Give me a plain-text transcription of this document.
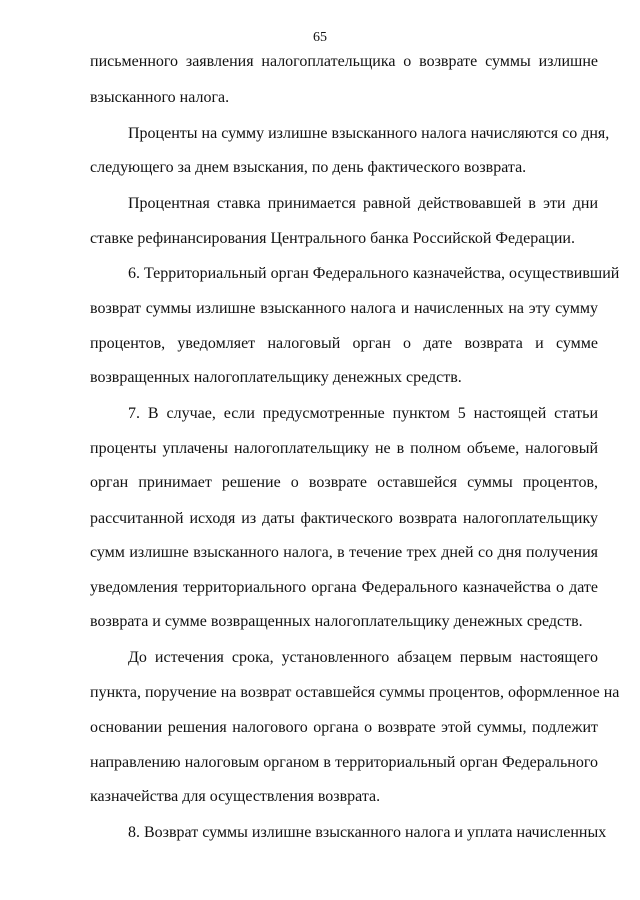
65
письменного заявления налогоплательщика о возврате суммы излишне
взысканного налога.
Проценты на сумму излишне взысканного налога начисляются со дня,
следующего за днем взыскания, по день фактического возврата.
Процентная ставка принимается равной действовавшей в эти дни
ставке рефинансирования Центрального банка Российской Федерации.
6. Территориальный орган Федерального казначейства, осуществивший
возврат суммы излишне взысканного налога и начисленных на эту сумму
процентов, уведомляет налоговый орган о дате возврата и сумме
возвращенных налогоплательщику денежных средств.
7. В случае, если предусмотренные пунктом 5 настоящей статьи
проценты уплачены налогоплательщику не в полном объеме, налоговый
орган принимает решение о возврате оставшейся суммы процентов,
рассчитанной исходя из даты фактического возврата налогоплательщику
сумм излишне взысканного налога, в течение трех дней со дня получения
уведомления территориального органа Федерального казначейства о дате
возврата и сумме возвращенных налогоплательщику денежных средств.
До истечения срока, установленного абзацем первым настоящего
пункта, поручение на возврат оставшейся суммы процентов, оформленное на
основании решения налогового органа о возврате этой суммы, подлежит
направлению налоговым органом в территориальный орган Федерального
казначейства для осуществления возврата.
8. Возврат суммы излишне взысканного налога и уплата начисленных
